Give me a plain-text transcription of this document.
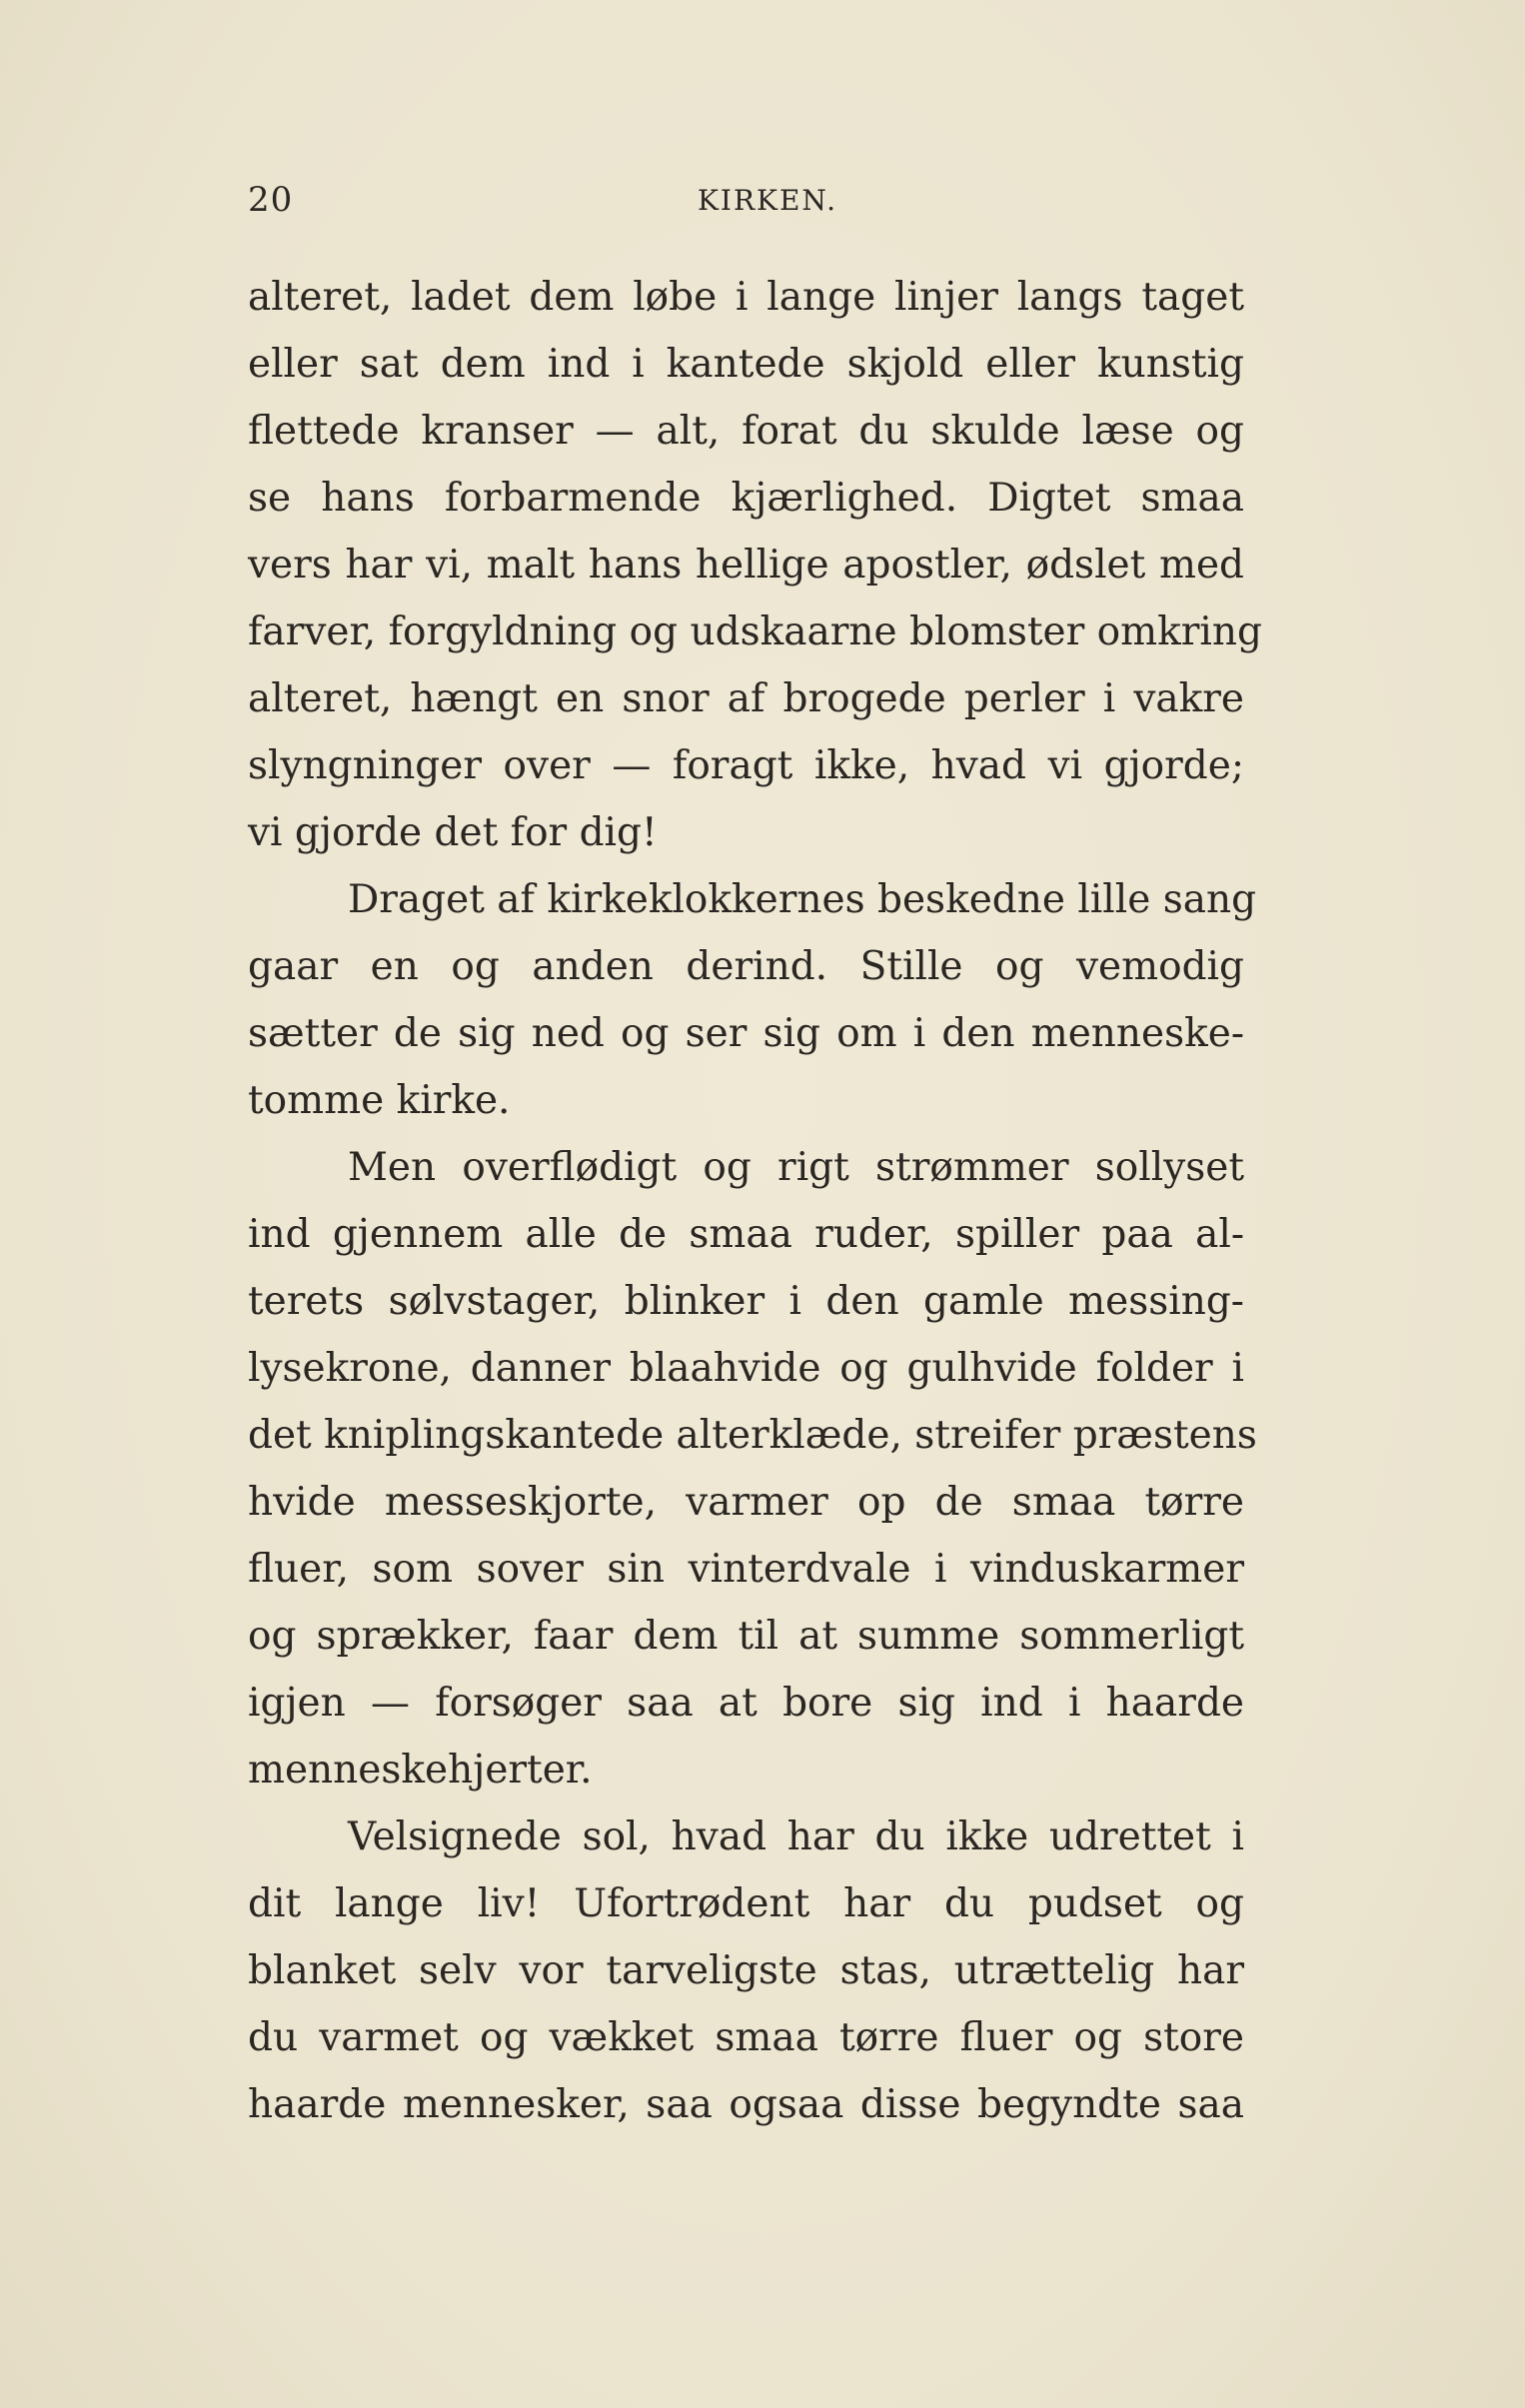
20	KIRKEN.
alteret, ladet dem løbe i lange linjer langs taget
eller sat dem ind i kantede skjold eller kunstig
flettede kranser — alt, forat du skulde læse og
se hans forbarmende kjærlighed. Digtet smaa
vers har vi, malt hans hellige apostler, ødslet med
farver, forgyldning og udskaarne blomster omkring
alteret, hængt en snor af brogede perler i vakre
slyngninger over — foragt ikke, hvad vi gjorde;
vi gjorde det for dig!
Draget af kirkeklokkernes beskedne lille sang
gaar en og anden derind. Stille og vemodig
sætter de sig ned og ser sig om i den menneske-
tomme kirke.
Men overflødigt og rigt strømmer sollyset
ind gjennem alle de smaa ruder, spiller paa al-
terets sølvstager, blinker i den gamle messing-
lysekrone, danner blaahvide og gulhvide folder i
det kniplingskantede alterklæde, streifer præstens
hvide messeskjorte, varmer op de smaa tørre
fluer, som sover sin vinterdvale i vinduskarmer
og sprækker, faar dem til at summe sommerligt
igjen — forsøger saa at bore sig ind i haarde
menneskehjerter.
Velsignede sol, hvad har du ikke udrettet i
dit lange liv! Ufortrødent har du pudset og
blanket selv vor tarveligste stas, utrættelig har
du varmet og vækket smaa tørre fluer og store
haarde mennesker, saa ogsaa disse begyndte saa
